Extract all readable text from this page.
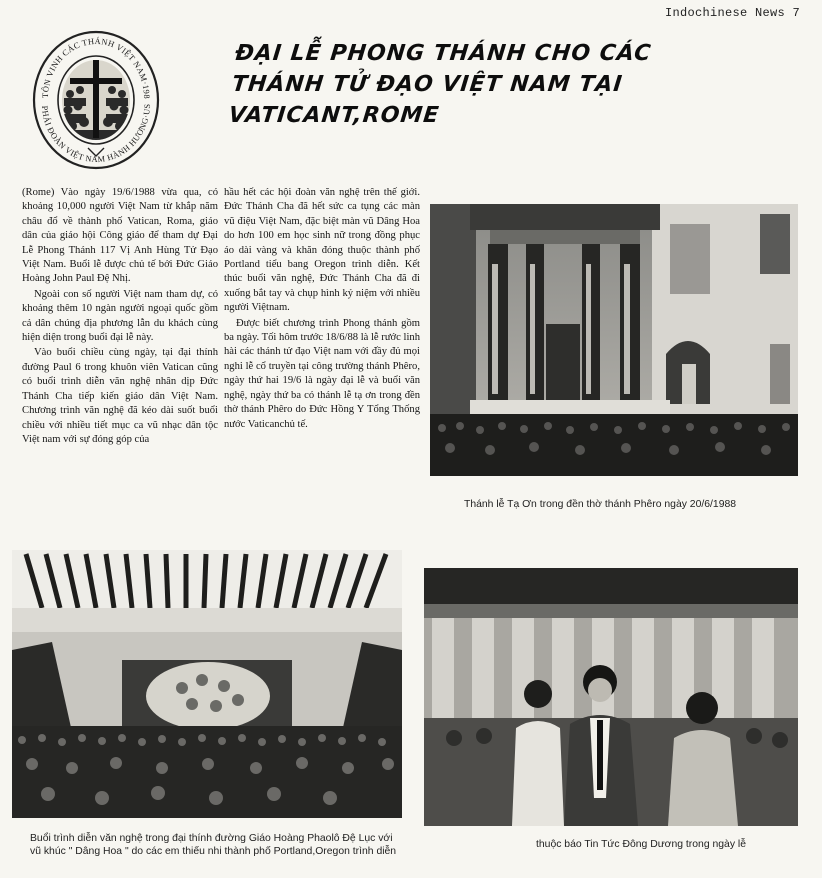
Indochinese News 7
TÔN VINH CÁC THÁNH VIỆT NAM·198
PHÁI ĐOÀN VIỆT NAM HÀNH HƯƠNG·US
ĐẠI LỄ PHONG THÁNH CHO CÁC
THÁNH TỬ ĐẠO VIỆT NAM TẠI
VATICANT,ROME

(Rome) Vào ngày 19/6/1988 vừa qua, có khoảng 10,000 người Việt Nam từ khắp năm châu đổ về thành phố Vatican, Roma, giáo dân của giáo hội Công giáo để tham dự Đại Lễ Phong Thánh 117 Vị Anh Hùng Tử Đạo Việt Nam. Buổi lễ được chủ tế bởi Đức Giáo Hoàng John Paul Đệ Nhị.

Ngoài con số người Việt nam tham dự, có khoảng thêm 10 ngàn người ngoại quốc gồm cả dân chúng địa phương lẫn du khách cùng hiện diện trong buổi đại lễ này.

Vào buổi chiều cùng ngày, tại đại thính đường Paul 6 trong khuôn viên Vatican cũng có buổi trình diễn văn nghệ nhân dịp Đức Thánh Cha tiếp kiến giáo dân Việt Nam. Chương trình văn nghệ đã kéo dài suốt buổi chiều với nhiều tiết mục ca vũ nhạc dân tộc Việt nam với sự đóng góp của

hầu hết các hội đoàn văn nghệ trên thế giới. Đức Thánh Cha đã hết sức ca tụng các màn vũ điệu Việt Nam, đặc biệt màn vũ Dâng Hoa do hơn 100 em học sinh nữ trong đồng phục áo dài vàng và khăn đóng thuộc thành phố Portland tiểu bang Oregon trình diễn. Kết thúc buổi văn nghệ, Đức Thánh Cha đã đi xuống bắt tay và chụp hình kỷ niệm với nhiều người Việtnam.

Được biết chương trình Phong thánh gồm ba ngày. Tối hôm trước 18/6/88 là lễ rước linh hài các thánh tử đạo Việt nam với đầy đủ mọi nghi lễ cổ truyền tại công trường thánh Phêro, ngày thứ hai 19/6 là ngày đại lễ và buổi văn nghệ, ngày thứ ba có thánh lễ tạ ơn trong đền thờ thánh Phêro do Đức Hồng Y Tổng Thống nước Vaticanchủ tế.

Thánh lễ Tạ Ơn trong đền thờ thánh Phêro ngày 20/6/1988
Buổi trình diễn văn nghệ trong đại thính đường Giáo Hoàng Phaolô Đệ Lục với vũ khúc " Dâng Hoa " do các em thiếu nhi thành phố Portland,Oregon trình diễn
thuộc báo Tin Tức Đông Dương trong ngày lễ
